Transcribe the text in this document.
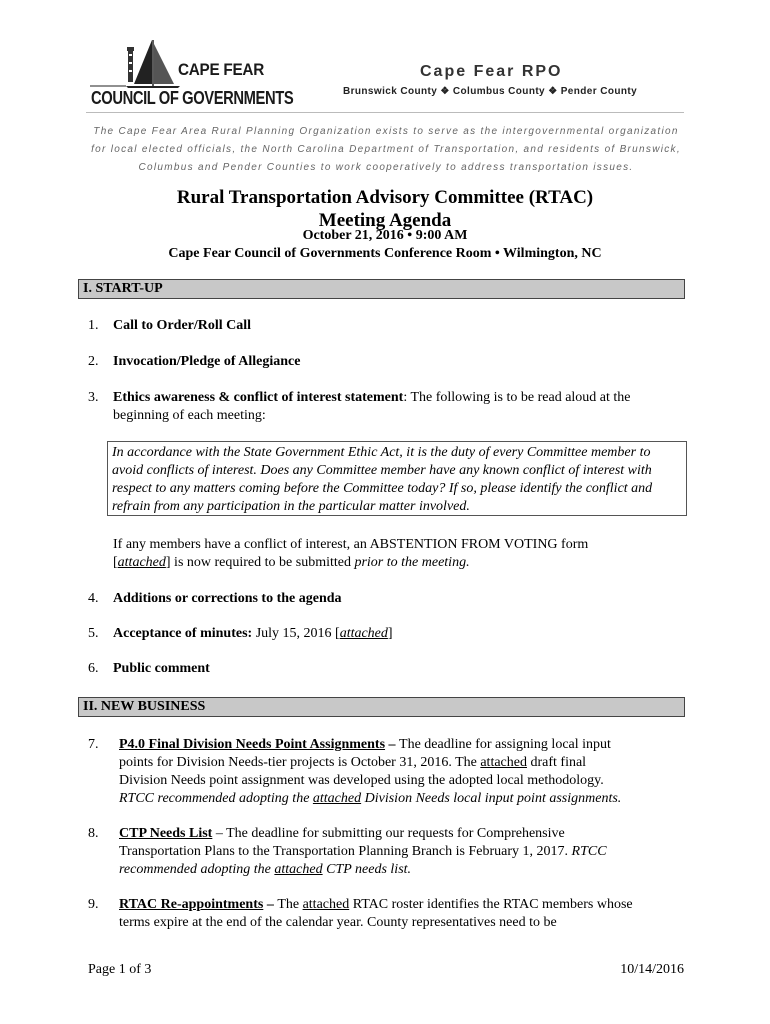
CAPE FEAR
COUNCIL OF GOVERNMENTS
Cape Fear RPO
Brunswick County ❖ Columbus County ❖ Pender County
The Cape Fear Area Rural Planning Organization exists to serve as the intergovernmental organization for local elected officials, the North Carolina Department of Transportation, and residents of Brunswick, Columbus and Pender Counties to work cooperatively to address transportation issues.
Rural Transportation Advisory Committee (RTAC)
Meeting Agenda
October 21, 2016 • 9:00 AM
Cape Fear Council of Governments Conference Room • Wilmington, NC
I. START-UP
1. Call to Order/Roll Call
2. Invocation/Pledge of Allegiance
3. Ethics awareness & conflict of interest statement: The following is to be read aloud at the
beginning of each meeting:
In accordance with the State Government Ethic Act, it is the duty of every Committee member to avoid conflicts of interest. Does any Committee member have any known conflict of interest with respect to any matters coming before the Committee today? If so, please identify the conflict and refrain from any participation in the particular matter involved.
If any members have a conflict of interest, an ABSTENTION FROM VOTING form
[attached] is now required to be submitted prior to the meeting.
4. Additions or corrections to the agenda
5. Acceptance of minutes: July 15, 2016 [attached]
6. Public comment
II. NEW BUSINESS
7. P4.0 Final Division Needs Point Assignments – The deadline for assigning local input
points for Division Needs-tier projects is October 31, 2016. The attached draft final
Division Needs point assignment was developed using the adopted local methodology.
RTCC recommended adopting the attached Division Needs local input point assignments.
8. CTP Needs List – The deadline for submitting our requests for Comprehensive
Transportation Plans to the Transportation Planning Branch is February 1, 2017. RTCC
recommended adopting the attached CTP needs list.
9. RTAC Re-appointments – The attached RTAC roster identifies the RTAC members whose
terms expire at the end of the calendar year. County representatives need to be
Page 1 of 3	10/14/2016
